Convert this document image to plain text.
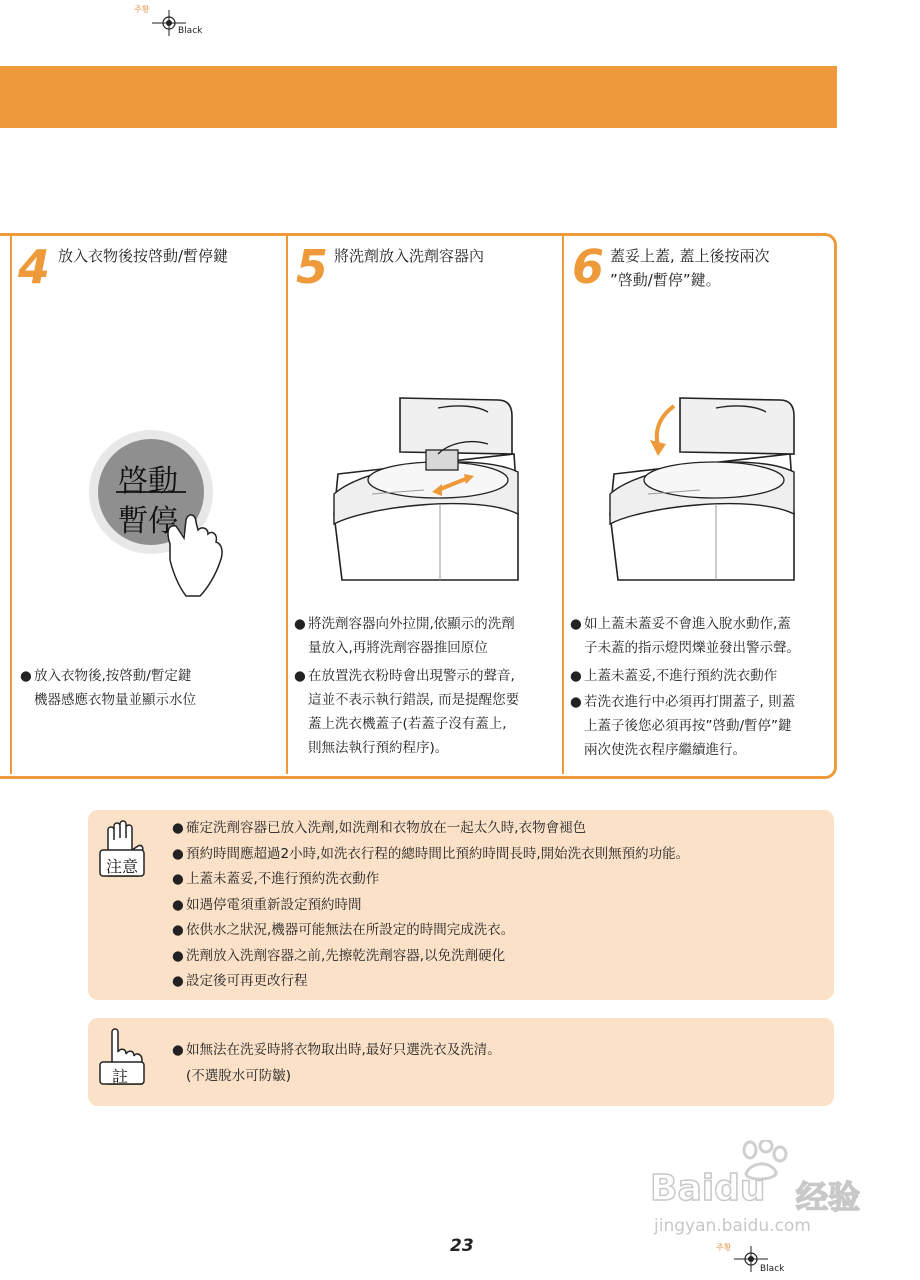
주황
Black
4 放入衣物後按啓動/暫停鍵
啓動
暫停
● 放入衣物後,按啓動/暫定鍵
機器感應衣物量並顯示水位
5 將洗劑放入洗劑容器內
● 將洗劑容器向外拉開,依顯示的洗劑
量放入,再將洗劑容器推回原位
● 在放置洗衣粉時會出現警示的聲音,
這並不表示執行錯誤, 而是提醒您要
蓋上洗衣機蓋子(若蓋子沒有蓋上,
則無法執行預約程序)。
6 蓋妥上蓋, 蓋上後按兩次
”啓動/暫停”鍵。
● 如上蓋未蓋妥不會進入脫水動作,蓋
子未蓋的指示燈閃爍並發出警示聲。
● 上蓋未蓋妥,不進行預約洗衣動作
● 若洗衣進行中必須再打開蓋子, 則蓋
上蓋子後您必須再按”啓動/暫停”鍵
兩次使洗衣程序繼續進行。
注意
● 確定洗劑容器已放入洗劑,如洗劑和衣物放在一起太久時,衣物會褪色
● 預約時間應超過2小時,如洗衣行程的總時間比預約時間長時,開始洗衣則無預約功能。
● 上蓋未蓋妥,不進行預約洗衣動作
● 如遇停電須重新設定預約時間
● 依供水之狀況,機器可能無法在所設定的時間完成洗衣。
● 洗劑放入洗劑容器之前,先擦乾洗劑容器,以免洗劑硬化
● 設定後可再更改行程
註
● 如無法在洗妥時將衣物取出時,最好只選洗衣及洗清。
(不選脫水可防皺)
Baidu 经验
jingyan.baidu.com
23	주황
Black
